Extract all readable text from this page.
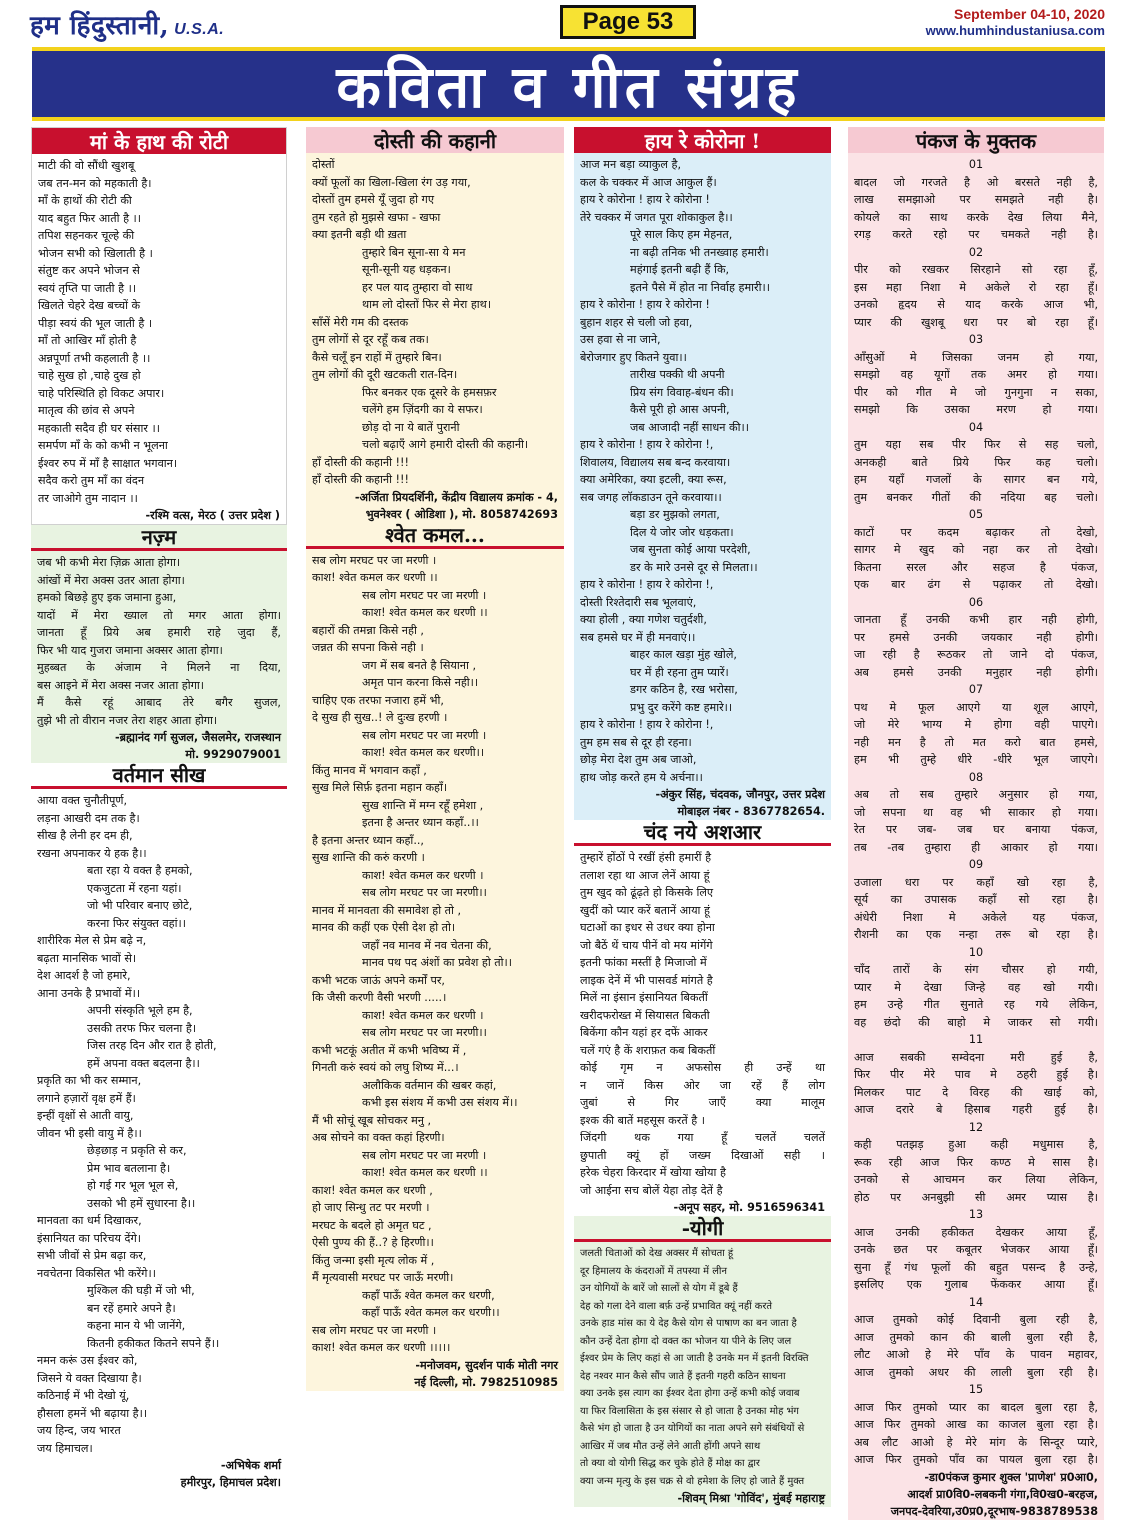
हम हिंदुस्तानी, U.S.A.	Page 53	September 04-10, 2020
www.humhindustaniusa.com
कविता व गीत संग्रह
मां के हाथ की रोटी
माटी की वो सौंधी खुशबू
जब तन-मन को महकाती है।
माँ के हाथों की रोटी की
याद बहुत फिर आती है ।।
तपिश सहनकर चूल्हे की
भोजन सभी को खिलाती है ।
संतुष्ट कर अपने भोजन से
स्वयं तृप्ति पा जाती है ।।
खिलते चेहरे देख बच्चों के
पीड़ा स्वयं की भूल जाती है ।
माँ तो आखिर माँ होती है
अन्नपूर्णा तभी कहलाती है ।।
चाहे सुख हो ,चाहे दुख हो
चाहे परिस्थिति हो विकट अपार।
मातृत्व की छांव से अपने
महकाती सदैव ही घर संसार ।।
समर्पण माँ के को कभी न भूलना
ईश्वर रुप में माँ है साक्षात भगवान।
सदैव करो तुम माँ का वंदन
तर जाओगे तुम नादान ।।
-रश्मि वत्स, मेरठ ( उत्तर प्रदेश )
नज़्म
जब भी कभी मेरा ज़िक्र आता होगा।
आंखों में मेरा अक्स उतर आता होगा।
हमको बिछड़े हुए इक जमाना हुआ,
यादों में मेरा ख्याल तो मगर आता होगा।
जानता हूँ प्रिये अब हमारी राहे जुदा हैं,
फिर भी याद गुजरा जमाना अक्सर आता होगा।
मुहब्बत के अंजाम ने मिलने ना दिया,
बस आइने में मेरा अक्स नजर आता होगा।
मैं कैसे रहूं आबाद तेरे बगैर सुजल,
तुझे भी तो वीरान नजर तेरा शहर आता होगा।
-ब्रह्मानंद गर्ग सुजल, जैसलमेर, राजस्थान
मो. 9929079001
वर्तमान सीख
आया वक्त चुनौतीपूर्ण,
लड़ना आखरी दम तक है।
सीख है लेनी हर दम ही,
रखना अपनाकर ये हक है।।
बता रहा ये वक्त है हमको,
एकजुटता में रहना यहां।
जो भी परिवार बनाए छोटे,
करना फिर संयुक्त वहां।।
शारीरिक मेल से प्रेम बढ़े न,
बढ़ता मानसिक भावों से।
देश आदर्श है जो हमारे,
आना उनके है प्रभावों में।।
अपनी संस्कृति भूले हम है,
उसकी तरफ फिर चलना है।
जिस तरह दिन और रात है होती,
हमें अपना वक्त बदलना है।।
प्रकृति का भी कर सम्मान,
लगाने हज़ारों वृक्ष हमें हैं।
इन्हीं वृक्षों से आती वायु,
जीवन भी इसी वायु में है।।
छेड़छाड़ न प्रकृति से कर,
प्रेम भाव बतलाना है।
हो गई गर भूल भूल से,
उसको भी हमें सुधारना है।।
मानवता का धर्म दिखाकर,
इंसानियत का परिचय देंगे।
सभी जीवों से प्रेम बढ़ा कर,
नवचेतना विकसित भी करेंगे।।
मुश्किल की घड़ी में जो भी,
बन रहें हमारे अपने है।
कहना मान ये भी जानेंगे,
कितनी हकीकत कितने सपने हैं।।
नमन करूं उस ईश्वर को,
जिसने ये वक्त दिखाया है।
कठिनाई में भी देखो यूं,
हौसला हमनें भी बढ़ाया है।।
जय हिन्द, जय भारत
जय हिमाचल।
-अभिषेक शर्मा
हमीरपुर, हिमाचल प्रदेश।
दोस्ती की कहानी
दोस्तों
क्यों फूलों का खिला-खिला रंग उड़ गया,
दोस्तों तुम हमसे यूँ जुदा हो गए
तुम रहते हो मुझसे खफा - खफा
क्या इतनी बड़ी थी ख़ता
तुम्हारे बिन सूना-सा ये मन
सूनी-सूनी यह धड़कन।
हर पल याद तुम्हारा वो साथ
थाम लो दोस्तों फिर से मेरा हाथ।
साँसें मेरी गम की दस्तक
तुम लोगों से दूर रहूँ कब तक।
कैसे चलूँ इन राहों में तुम्हारे बिन।
तुम लोगों की दूरी खटकती रात-दिन।
फिर बनकर एक दूसरे के हमसफ़र
चलेंगे हम ज़िंदगी का ये सफर।
छोड़ दो ना ये बातें पुरानी
चलो बढ़ाएँ आगे हमारी दोस्ती की कहानी।
हाँ दोस्ती की कहानी !!!
हाँ दोस्ती की कहानी !!!
-अर्जिता प्रियदर्शिनी, केंद्रीय विद्यालय क्रमांक - 4,
भुवनेश्वर ( ओडिशा ), मो. 8058742693
श्वेत कमल...
सब लोग मरघट पर जा मरणी ।
काश! श्वेत कमल कर धरणी ।।
सब लोग मरघट पर जा मरणी ।
काश! श्वेत कमल कर धरणी ।।
बहारों की तमन्ना किसे नही ,
जन्नत की सपना किसे नही ।
जग में सब बनते है सियाना ,
अमृत पान करना किसे नही।।
चाहिए एक तरफा नजारा हमें भी,
दे सुख ही सुख..! ले दुःख हरणी ।
सब लोग मरघट पर जा मरणी ।
काश! श्वेत कमल कर धरणी।।
किंतु मानव में भगवान कहाँ ,
सुख मिले सिर्फ़ इतना महान कहाँ।
सुख शान्ति में मग्न रहूँ हमेशा ,
इतना है अन्तर ध्यान कहाँ..।।
है इतना अन्तर ध्यान कहाँ..,
सुख शान्ति की करुं करणी ।
काश! श्वेत कमल कर धरणी ।
सब लोग मरघट पर जा मरणी।।
मानव में मानवता की समावेश हो तो ,
मानव की कहीं एक ऐसी देश हो तो।
जहाँ नव मानव में नव चेतना की,
मानव पथ पद अंशों का प्रवेश हो तो।।
कभी भटक जाऊं अपने कर्मों पर,
कि जैसी करणी वैसी भरणी .....।
काश! श्वेत कमल कर धरणी ।
सब लोग मरघट पर जा मरणी।।
कभी भटकूं अतीत में कभी भविष्य में ,
गिनती करुं स्वयं को लघु शिष्य में...।
अलौकिक वर्तमान की खबर कहां,
कभी इस संशय में कभी उस संशय में।।
मैं भी सोचूं खूब सोचकर मनु ,
अब सोचने का वक्त कहां हिरणी।
सब लोग मरघट पर जा मरणी ।
काश! श्वेत कमल कर धरणी ।।
काश! श्वेत कमल कर धरणी ,
हो जाए सिन्धु तट पर मरणी ।
मरघट के बदले हो अमृत घट ,
ऐसी पुण्य की हैं..? हे हिरणी।।
किंतु जन्मा इसी मृत्य लोक में ,
मैं मृत्यवासी मरघट पर जाऊँ मरणी।
कहाँ पाऊँ श्वेत कमल कर धरणी,
कहाँ पाऊँ श्वेत कमल कर धरणी।।
सब लोग मरघट पर जा मरणी ।
काश! श्वेत कमल कर धरणी ।।।।।
-मनोजवम, सुदर्शन पार्क मोती नगर
नई दिल्ली, मो. 7982510985
हाय रे कोरोना !
आज मन बड़ा व्याकुल है,
कल के चक्कर में आज आकुल हैं।
हाय रे कोरोना ! हाय रे कोरोना !
तेरे चक्कर में जगत पूरा शोकाकुल है।।
पूरे साल किए हम मेहनत,
ना बढ़ी तनिक भी तनख्वाह हमारी।
महंगाई इतनी बढ़ी हैं कि,
इतने पैसे में होत ना निर्वाह हमारी।।
हाय रे कोरोना ! हाय रे कोरोना !
बुहान शहर से चली जो हवा,
उस हवा से ना जाने,
बेरोजगार हुए कितने युवा।।
तारीख पक्की थी अपनी
प्रिय संग विवाह-बंधन की।
कैसे पूरी हो आस अपनी,
जब आजादी नहीं साधन की।।
हाय रे कोरोना ! हाय रे कोरोना !,
शिवालय, विद्यालय सब बन्द करवाया।
क्या अमेरिका, क्या इटली, क्या रूस,
सब जगह लॉकडाउन तूने करवाया।।
बड़ा डर मुझको लगता,
दिल ये जोर जोर धड़कता।
जब सुनता कोई आया परदेशी,
डर के मारे उनसे दूर से मिलता।।
हाय रे कोरोना ! हाय रे कोरोना !,
दोस्ती रिश्तेदारी सब भूलवाएं,
क्या होली , क्या गणेश चतुर्दशी,
सब हमसे घर में ही मनवाएं।।
बाहर काल खड़ा मुंह खोले,
घर में ही रहना तुम प्यारें।
डगर कठिन है, रख भरोसा,
प्रभु दुर करेंगे कष्ट हमारे।।
हाय रे कोरोना ! हाय रे कोरोना !,
तुम हम सब से दूर ही रहना।
छोड़ मेरा देश तुम अब जाओ,
हाथ जोड़ करते हम ये अर्चना।।
-अंकुर सिंह, चंदवक, जौनपुर, उत्तर प्रदेश
मोबाइल नंबर - 8367782654.
चंद नये अशआर
तुम्हारें होंठों पे रखीं हंसी हमारीं है
तलाश रहा था आज लेनें आया हूं
तुम खुद को ढूंढ़ते हो किसके लिए
खुदीं को प्यार करें बतानें आया हूं
घटाओं का इधर से उधर क्या होना
जो बैठें थें चाय पीनें वो मय मांगेंगे
इतनी फांका मस्तीं है मिजाजो में
लाइक देनें में भी पासवर्ड मांगते है
मिलें ना इंसान इंसानियत बिकतीं
खरीदफरोख्त में सियासत बिकती
बिकेंगा कौन यहां हर दफें आकर
चलें गएं है कें शराफ़त कब बिकतीं
कोई गृम न अफसोस ही उन्हें था
न जानें किस ओर जा रहें हैं लोग
जुबां से गिर जाएँ क्या मालूम
इश्क की बातें महसूस करतें है ।
जिंदगी थक गया हूँ चलतें चलतें
छुपाती क्यूं हों जख्म दिखाओं सही ।
हरेक चेहरा किरदार में खोया खोया है
जो आईना सच बोलें येहा तोड़ देतें है
-अनूप सहर, मो. 9516596341
-योगी
जलती चिताओं को देख अक्सर मैं सोचता हूं
दूर हिमालय के कंदराओं में तपस्या में लीन
उन योगियों के बारें जो सालों से योग में डूबे हैं
देह को गला देने वाला बर्फ़ उन्हें प्रभावित क्यूं नहीं करते
उनके हाड मांस का ये देह कैसे योग से पाषाण का बन जाता है
कौन उन्हें देता होगा दो वक्त का भोजन या पीने के लिए जल
ईश्वर प्रेम के लिए कहां से आ जाती है उनके मन में इतनी विरक्ति
देह नश्वर मान कैसे सौंप जाते हैं इतनी गहरी कठिन साधना
क्या उनके इस त्याग का ईश्वर देता होगा उन्हें कभी कोई जवाब
या फिर विलासिता के इस संसार से हो जाता है उनका मोह भंग
कैसे भंग हो जाता है उन योगियों का नाता अपने सगे संबंधियों से
आखिर में जब मौत उन्हें लेने आती होंगी अपने साथ
तो क्या वो योगी सिद्ध कर चुके होते हैं मोक्ष का द्वार
क्या जन्म मृत्यु के इस चक्र से वो हमेशा के लिए हो जाते हैं मुक्त
-शिवम् मिश्रा 'गोविंद', मुंबई महाराष्ट्र
पंकज के मुक्तक
01
बादल जो गरजते है ओ बरसते नही है,
लाख समझाओ पर समझते नही है।
कोयले का साथ करके देख लिया मैने,
रगड़ करते रहो पर चमकते नही है।
02
पीर को रखकर सिरहाने सो रहा हूँ,
इस महा निशा मे अकेले रो रहा हूँ।
उनको हृदय से याद करके आज भी,
प्यार की खुशबू धरा पर बो रहा हूँ।
03
आँसुओं मे जिसका जनम हो गया,
समझो वह यूगों तक अमर हो गया।
पीर को गीत मे जो गुनगुना न सका,
समझो कि उसका मरण हो गया।
04
तुम यहा सब पीर फिर से सह चलो,
अनकही बाते प्रिये फिर कह चलो।
हम यहाँ गजलों के सागर बन गये,
तुम बनकर गीतों की नदिया बह चलो।
05
काटों पर कदम बढ़ाकर तो देखो,
सागर मे खुद को नहा कर तो देखो।
कितना सरल और सहज है पंकज,
एक बार ढंग से पढ़ाकर तो देखो।
06
जानता हूँ उनकी कभी हार नही होगी,
पर हमसे उनकी जयकार नही होगी।
जा रही है रूठकर तो जाने दो पंकज,
अब हमसे उनकी मनुहार नही होगी।
07
पथ मे फूल आएगे या शूल आएगे,
जो मेरे भाग्य मे होगा वही पाएगे।
नही मन है तो मत करो बात हमसे,
हम भी तुम्हे धीरे -धीरे भूल जाएगे।
08
अब तो सब तुम्हारे अनुसार हो गया,
जो सपना था वह भी साकार हो गया।
रेत पर जब- जब घर बनाया पंकज,
तब -तब तुम्हारा ही आकार हो गया।
09
उजाला धरा पर कहाँ खो रहा है,
सूर्य का उपासक कहाँ सो रहा है।
अंधेरी निशा मे अकेले यह पंकज,
रौशनी का एक नन्हा तरू बो रहा है।
10
चाँद तारों के संग चौसर हो गयी,
प्यार मे देखा जिन्हे वह खो गयी।
हम उन्हे गीत सुनाते रह गये लेकिन,
वह छंदो की बाहो मे जाकर सो गयी।
11
आज सबकी सम्वेदना मरी हुई है,
फिर पीर मेरे पाव मे ठहरी हुई है।
मिलकर पाट दे विरह की खाई को,
आज दरारे बे हिसाब गहरी हुई है।
12
कही पतझड़ हुआ कही मधुमास है,
रूक रही आज फिर कण्ठ मे सास है।
उनको से आचमन कर लिया लेकिन,
होठ पर अनबुझी सी अमर प्यास है।
13
आज उनकी हकीकत देखकर आया हूँ,
उनके छत पर कबूतर भेजकर आया हूँ।
सुना हूँ गंध फूलों की बहुत पसन्द है उन्हे,
इसलिए एक गुलाब फेंककर आया हूँ।
14
आज तुमको कोई दिवानी बुला रही है,
आज तुमको कान की बाली बुला रही है,
लौट आओ हे मेरे पाँव के पावन महावर,
आज तुमको अधर की लाली बुला रही है।
15
आज फिर तुमको प्यार का बादल बुला रहा है,
आज फिर तुमको आख का काजल बुला रहा है।
अब लौट आओ हे मेरे मांग के सिन्दूर प्यारे,
आज फिर तुमको पाँव का पायल बुला रहा है।
-डा0पंकज कुमार शुक्ल 'प्राणेश' प्र0आ0,
आदर्श प्रा0वि0-लबकनी गंगा,वि0ख0-बरहज,
जनपद-देवरिया,उ0प्र0,दूरभाष-9838789538
